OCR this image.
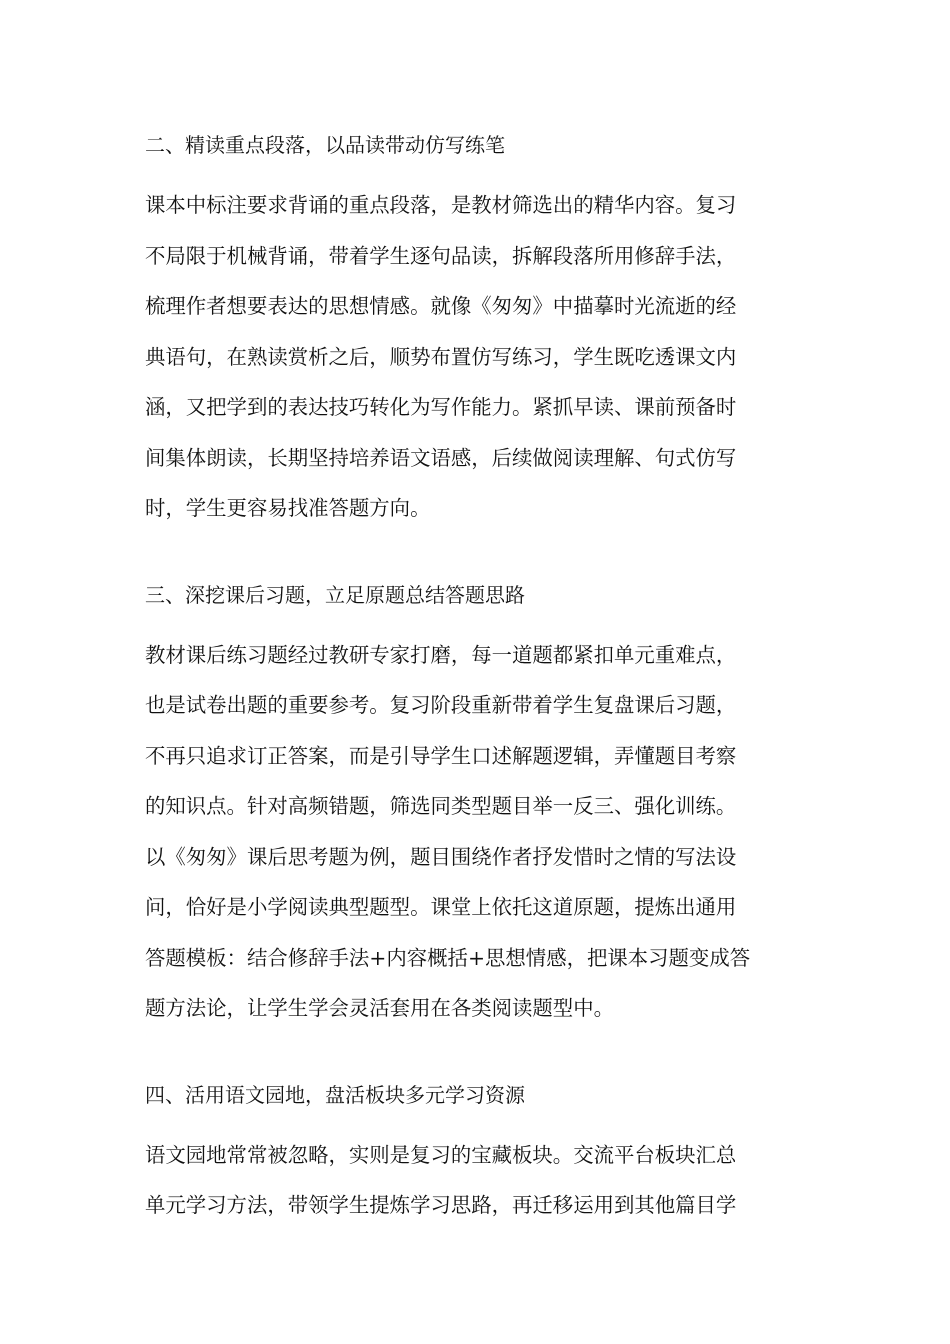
二、精读重点段落，以品读带动仿写练笔

课本中标注要求背诵的重点段落，是教材筛选出的精华内容。复习

不局限于机械背诵，带着学生逐句品读，拆解段落所用修辞手法，

梳理作者想要表达的思想情感。就像《匆匆》中描摹时光流逝的经

典语句，在熟读赏析之后，顺势布置仿写练习，学生既吃透课文内

涵，又把学到的表达技巧转化为写作能力。紧抓早读、课前预备时

间集体朗读，长期坚持培养语文语感，后续做阅读理解、句式仿写

时，学生更容易找准答题方向。

三、深挖课后习题，立足原题总结答题思路

教材课后练习题经过教研专家打磨，每一道题都紧扣单元重难点，

也是试卷出题的重要参考。复习阶段重新带着学生复盘课后习题，

不再只追求订正答案，而是引导学生口述解题逻辑，弄懂题目考察

的知识点。针对高频错题，筛选同类型题目举一反三、强化训练。

以《匆匆》课后思考题为例，题目围绕作者抒发惜时之情的写法设

问，恰好是小学阅读典型题型。课堂上依托这道原题，提炼出通用

答题模板：结合修辞手法+内容概括+思想情感，把课本习题变成答

题方法论，让学生学会灵活套用在各类阅读题型中。

四、活用语文园地，盘活板块多元学习资源

语文园地常常被忽略，实则是复习的宝藏板块。交流平台板块汇总

单元学习方法，带领学生提炼学习思路，再迁移运用到其他篇目学
